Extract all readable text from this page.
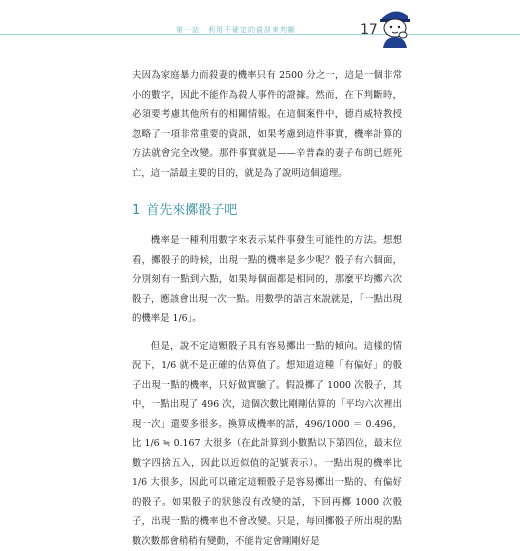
第一話　利用不確定的資訊來判斷	17

夫因為家庭暴力而殺妻的機率只有 2500 分之一，這是一個非常小的數字，因此不能作為殺人事件的證據。然而，在下判斷時，必須要考慮其他所有的相關情報。在這個案件中，德肖威特教授忽略了一項非常重要的資訊，如果考慮到這件事實，機率計算的方法就會完全改變。那件事實就是——辛普森的妻子布朗已經死亡，這一話最主要的目的，就是為了說明這個道理。

1 首先來擲骰子吧

機率是一種利用數字來表示某件事發生可能性的方法。想想看，擲骰子的時候，出現一點的機率是多少呢？骰子有六個面，分別刻有一點到六點，如果每個面都是相同的，那麼平均擲六次骰子，應該會出現一次一點。用數學的語言來說就是，「一點出現的機率是 1/6」。

但是，說不定這顆骰子具有容易擲出一點的傾向。這樣的情況下，1/6 就不是正確的估算值了。想知道這種「有偏好」的骰子出現一點的機率，只好做實驗了。假設擲了 1000 次骰子，其中，一點出現了 496 次，這個次數比剛剛估算的「平均六次裡出現一次」還要多很多。換算成機率的話，496/1000 ＝ 0.496，比 1/6 ≒ 0.167 大很多（在此計算到小數點以下第四位，最末位數字四捨五入，因此以近似值的記號表示）。一點出現的機率比 1/6 大很多，因此可以確定這顆骰子是容易擲出一點的、有偏好的骰子。如果骰子的狀態沒有改變的話，下回再擲 1000 次骰子，出現一點的機率也不會改變。只是，每回擲骰子所出現的點數次數都會稍稍有變動，不能肯定會剛剛好是
